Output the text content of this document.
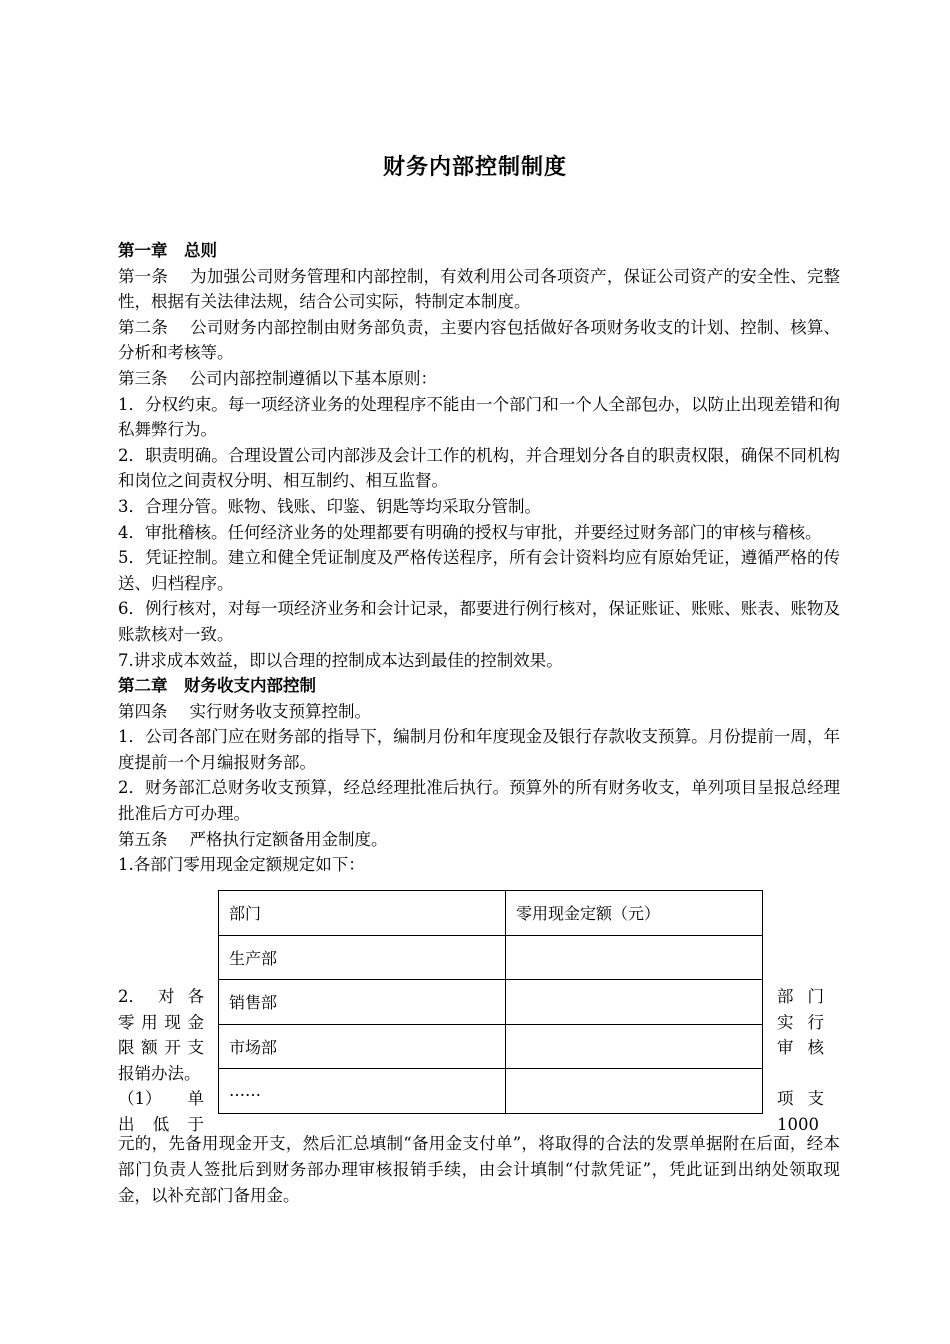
财务内部控制制度

第一章　总则

第一条 为加强公司财务管理和内部控制，有效利用公司各项资产，保证公司资产的安全性、完整性，根据有关法律法规，结合公司实际，特制定本制度。

第二条 公司财务内部控制由财务部负责，主要内容包括做好各项财务收支的计划、控制、核算、分析和考核等。

第三条 公司内部控制遵循以下基本原则：

1．分权约束。每一项经济业务的处理程序不能由一个部门和一个人全部包办，以防止出现差错和徇私舞弊行为。

2．职责明确。合理设置公司内部涉及会计工作的机构，并合理划分各自的职责权限，确保不同机构和岗位之间责权分明、相互制约、相互监督。

3．合理分管。账物、钱账、印鉴、钥匙等均采取分管制。

4．审批稽核。任何经济业务的处理都要有明确的授权与审批，并要经过财务部门的审核与稽核。

5．凭证控制。建立和健全凭证制度及严格传送程序，所有会计资料均应有原始凭证，遵循严格的传送、归档程序。

6．例行核对，对每一项经济业务和会计记录，都要进行例行核对，保证账证、账账、账表、账物及账款核对一致。

7.讲求成本效益，即以合理的控制成本达到最佳的控制效果。

第二章　财务收支内部控制

第四条 实行财务收支预算控制。

1．公司各部门应在财务部的指导下，编制月份和年度现金及银行存款收支预算。月份提前一周，年度提前一个月编报财务部。

2．财务部汇总财务收支预算，经总经理批准后执行。预算外的所有财务收支，单列项目呈报总经理批准后方可办理。

第五条 严格执行定额备用金制度。

1.各部门零用现金定额规定如下：

部门	零用现金定额（元）
生产部	
销售部	
市场部	
……	
2． 对 各
零 用 现 金
限 额 开 支
报销办法。
（1） 单
出 低 于
部 门
实 行
审 核
项 支
1000

元的，先备用现金开支，然后汇总填制“备用金支付单”，将取得的合法的发票单据附在后面，经本部门负责人签批后到财务部办理审核报销手续，由会计填制“付款凭证”，凭此证到出纳处领取现金，以补充部门备用金。
